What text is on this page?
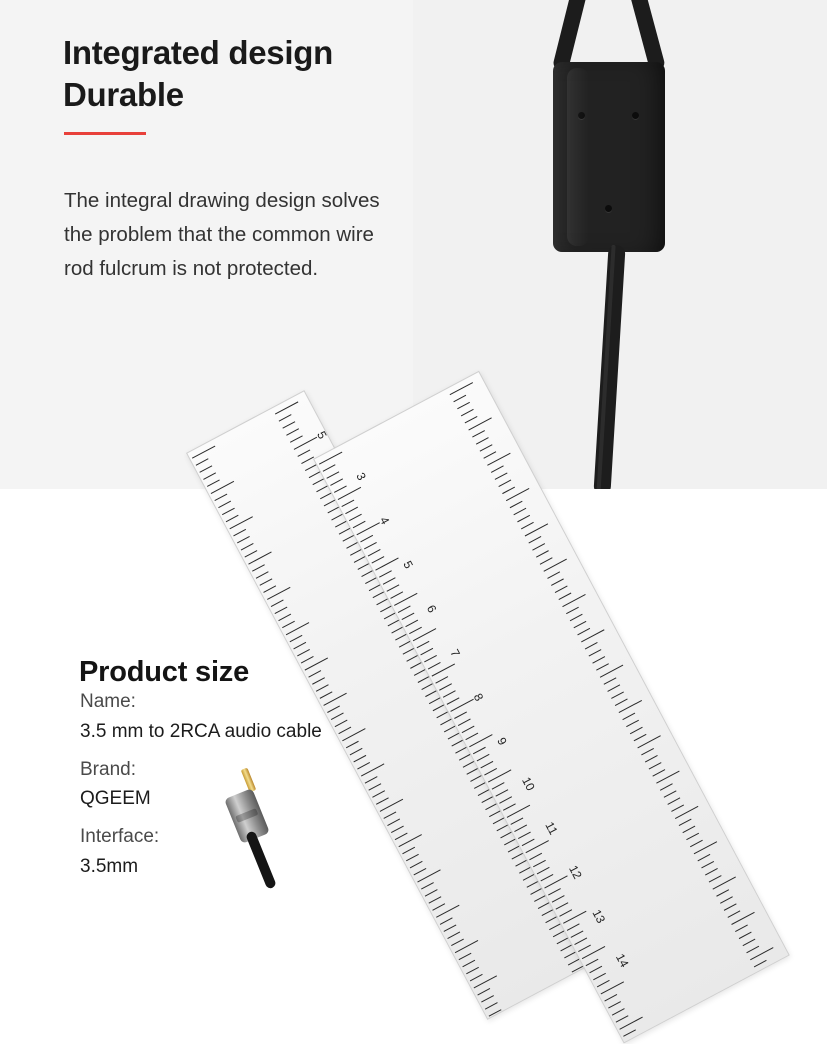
Integrated design
Durable

The integral drawing design solves the problem that the common wire rod fulcrum is not protected.

5
3
4
5
6
7
8
9
10
11
12
13
14
Product size
Name:
3.5 mm to 2RCA audio cable
Brand:
QGEEM
Interface:
3.5mm
